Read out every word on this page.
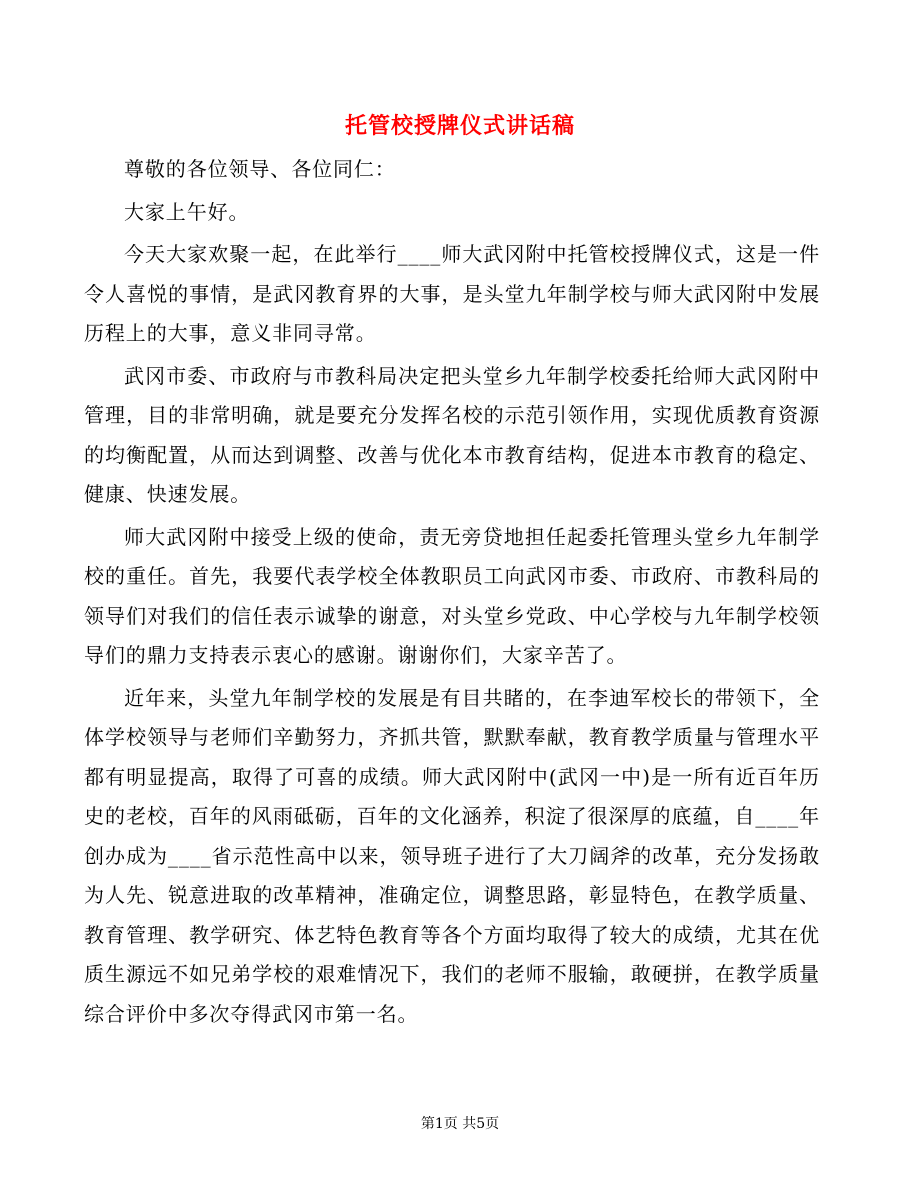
托管校授牌仪式讲话稿

尊敬的各位领导、各位同仁：

大家上午好。

今天大家欢聚一起，在此举行____师大武冈附中托管校授牌仪式，这是一件令人喜悦的事情，是武冈教育界的大事，是头堂九年制学校与师大武冈附中发展历程上的大事，意义非同寻常。

武冈市委、市政府与市教科局决定把头堂乡九年制学校委托给师大武冈附中管理，目的非常明确，就是要充分发挥名校的示范引领作用，实现优质教育资源的均衡配置，从而达到调整、改善与优化本市教育结构，促进本市教育的稳定、健康、快速发展。

师大武冈附中接受上级的使命，责无旁贷地担任起委托管理头堂乡九年制学校的重任。首先，我要代表学校全体教职员工向武冈市委、市政府、市教科局的领导们对我们的信任表示诚挚的谢意，对头堂乡党政、中心学校与九年制学校领导们的鼎力支持表示衷心的感谢。谢谢你们，大家辛苦了。

近年来，头堂九年制学校的发展是有目共睹的，在李迪军校长的带领下，全体学校领导与老师们辛勤努力，齐抓共管，默默奉献，教育教学质量与管理水平都有明显提高，取得了可喜的成绩。师大武冈附中(武冈一中)是一所有近百年历史的老校，百年的风雨砥砺，百年的文化涵养，积淀了很深厚的底蕴，自____年创办成为____省示范性高中以来，领导班子进行了大刀阔斧的改革，充分发扬敢为人先、锐意进取的改革精神，准确定位，调整思路，彰显特色，在教学质量、教育管理、教学研究、体艺特色教育等各个方面均取得了较大的成绩，尤其在优质生源远不如兄弟学校的艰难情况下，我们的老师不服输，敢硬拼，在教学质量综合评价中多次夺得武冈市第一名。

第1页 共5页
